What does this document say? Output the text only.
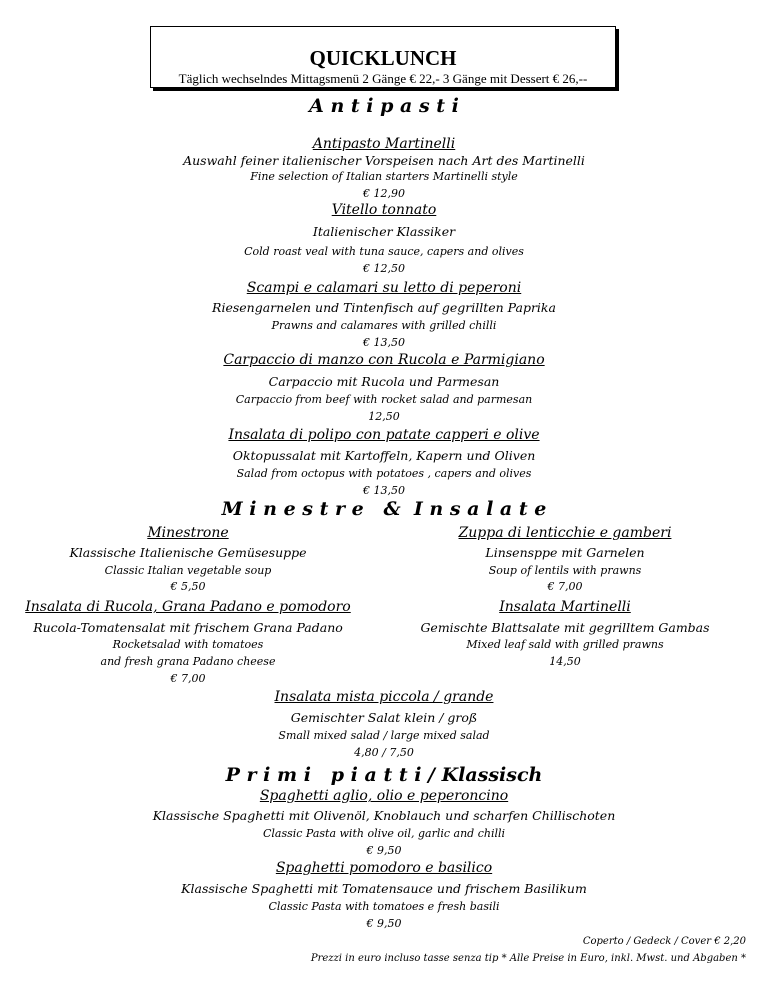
QUICKLUNCH
Täglich wechselndes Mittagsmenü 2 Gänge € 22,- 3 Gänge mit Dessert € 26,--
A n t i p a s t i
Antipasto Martinelli
Auswahl feiner italienischer Vorspeisen nach Art des Martinelli
Fine selection of Italian starters Martinelli style
€ 12,90
Vitello tonnato
Italienischer Klassiker
Cold roast veal with tuna sauce, capers and olives
€ 12,50
Scampi e calamari su letto di peperoni
Riesengarnelen und Tintenfisch auf gegrillten Paprika
Prawns and calamares with grilled chilli
€ 13,50
Carpaccio di manzo con Rucola e Parmigiano
Carpaccio mit Rucola und Parmesan
Carpaccio from beef with rocket salad and parmesan
12,50
Insalata di polipo con patate capperi e olive
Oktopussalat mit Kartoffeln, Kapern und Oliven
Salad from octopus with potatoes , capers and olives
€ 13,50
M i n e s t r e   &  I n s a l a t e
Minestrone
Klassische Italienische Gemüsesuppe
Classic Italian vegetable soup
€ 5,50
Zuppa di lenticchie e gamberi
Linsensppe mit Garnelen
Soup of lentils with prawns
€ 7,00
Insalata di Rucola, Grana Padano e pomodoro
Rucola-Tomatensalat mit frischem Grana Padano
Rocketsalad with tomatoes
and fresh grana Padano cheese
€ 7,00
Insalata Martinelli
Gemischte Blattsalate mit gegrilltem Gambas
Mixed leaf sald with grilled prawns
14,50
Insalata mista piccola / grande
Gemischter Salat klein / groß
Small mixed salad / large mixed salad
4,80 / 7,50
P r i m i   p i a t t i / Klassisch
Spaghetti aglio, olio e peperoncino
Klassische Spaghetti mit Olivenöl, Knoblauch und scharfen Chillischoten
Classic Pasta with olive oil, garlic and chilli
€ 9,50
Spaghetti pomodoro e basilico
Klassische Spaghetti mit Tomatensauce und frischem Basilikum
Classic Pasta with tomatoes e fresh basili
€ 9,50
Coperto / Gedeck / Cover € 2,20
Prezzi in euro incluso tasse senza tip * Alle Preise in Euro, inkl. Mwst. und Abgaben *
